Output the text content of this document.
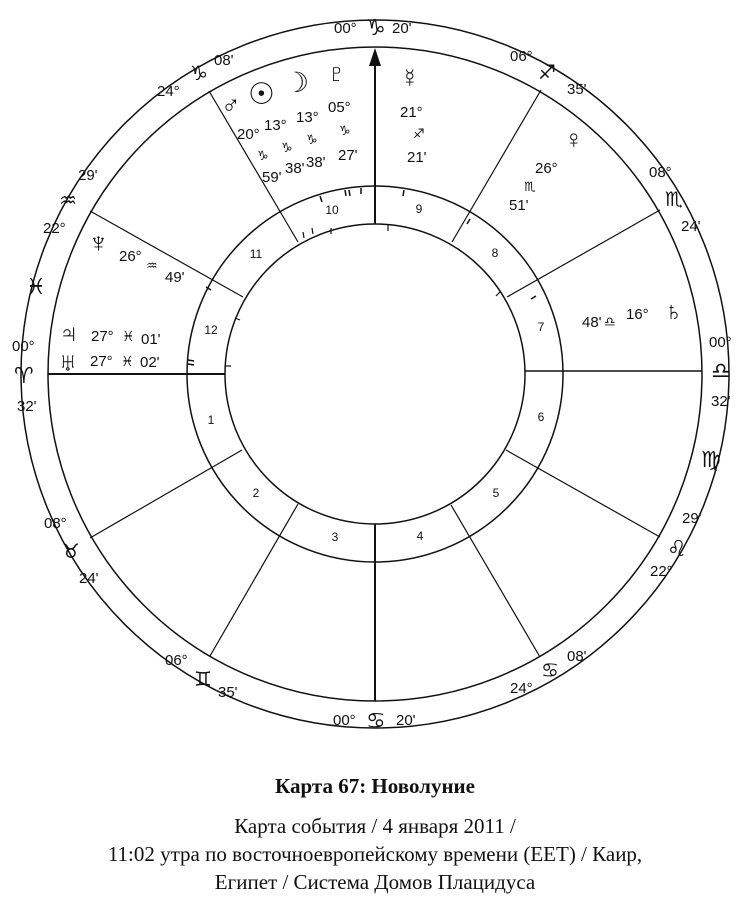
1
2
3	4
5
6
7
8
9
10
11
12
00° ♑ 20'
00° ♋ 20'
00°
♈
32'
00°
♎
32'
24°
♑
08'
29'
♒
22°
♓
06°
♐
35'
08°
♏
24'
♍
29'
♌
22°
08'
♋
24°
06°
♊
35'
08°
♉
24'
♂
20°
♑
59'
☉
13°
♑
38'
☽
13°
♑
38'
♇
05°
♑
27'
☿
21°
♐
21'
♀
26°
♏
51'
48' ♎ 16° ♄
♆ 26°
♒
49'
♃ 27° ♓ 01'
♅ 27° ♓ 02'
Карта 67: Новолуние
Карта события / 4 января 2011 /
11:02 утра по восточноевропейскому времени (EET) / Каир,
Египет / Система Домов Плацидуса
